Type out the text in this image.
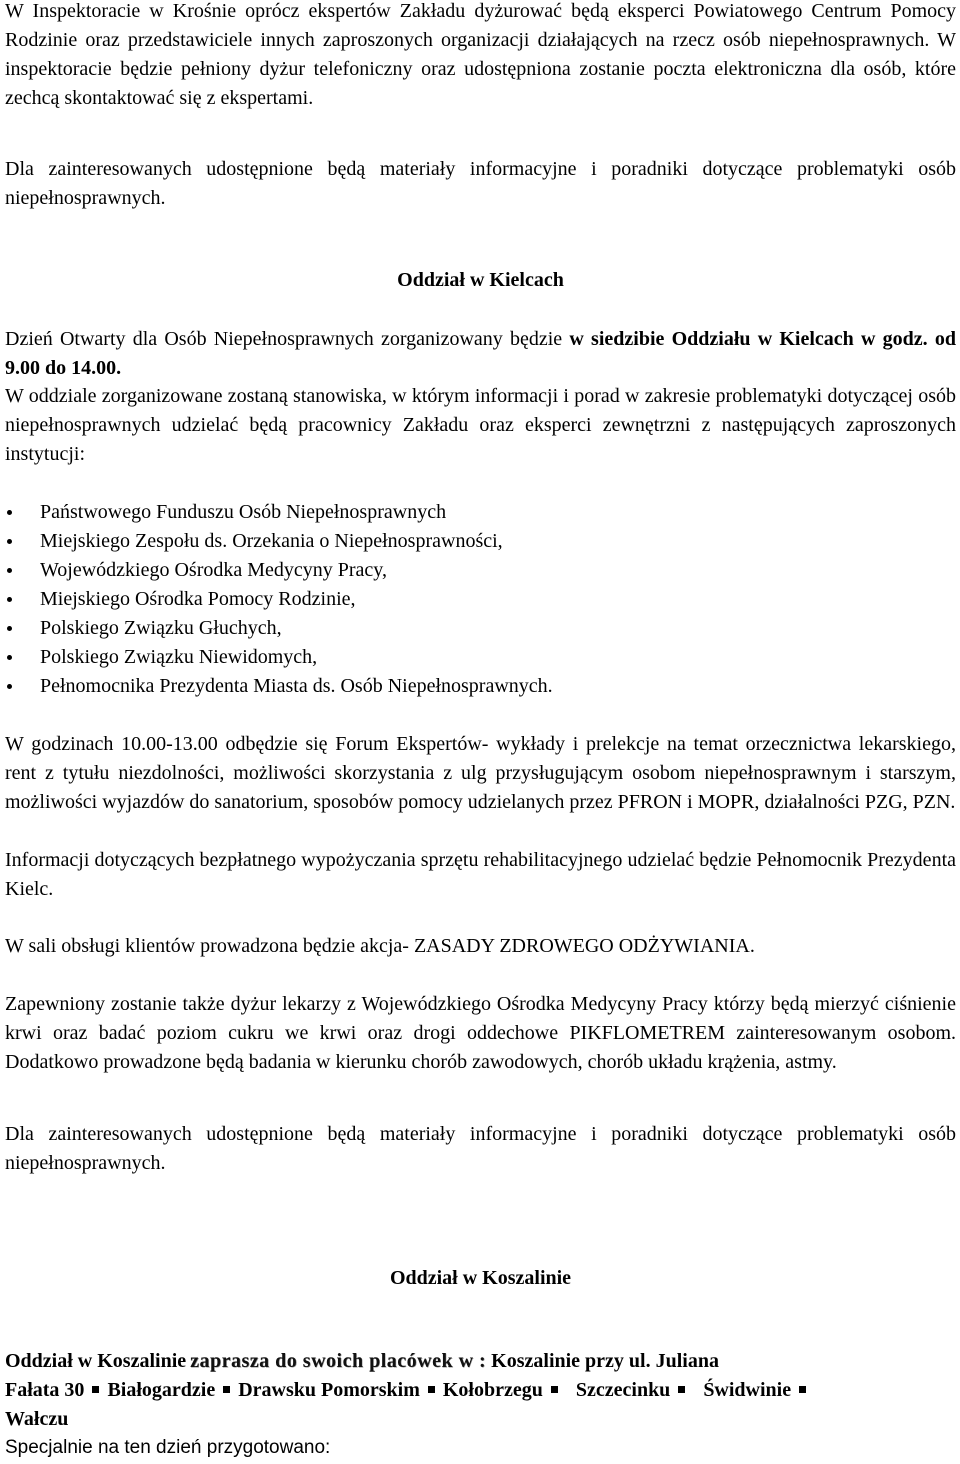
W Inspektoracie w Krośnie oprócz ekspertów Zakładu dyżurować będą eksperci Powiatowego Centrum Pomocy Rodzinie oraz przedstawiciele innych zaproszonych organizacji działających na rzecz osób niepełnosprawnych. W inspektoracie będzie pełniony dyżur telefoniczny oraz udostępniona zostanie poczta elektroniczna dla osób, które zechcą skontaktować się z ekspertami.
Dla zainteresowanych udostępnione będą materiały informacyjne i poradniki dotyczące problematyki osób niepełnosprawnych.
Oddział w Kielcach
Dzień Otwarty dla Osób Niepełnosprawnych zorganizowany będzie w siedzibie Oddziału w Kielcach w godz. od 9.00 do 14.00.
W oddziale zorganizowane zostaną stanowiska, w którym informacji i porad w zakresie problematyki dotyczącej osób niepełnosprawnych udzielać będą pracownicy Zakładu oraz eksperci zewnętrzni z następujących zaproszonych instytucji:
Państwowego Funduszu Osób Niepełnosprawnych
Miejskiego Zespołu ds. Orzekania o Niepełnosprawności,
Wojewódzkiego Ośrodka Medycyny Pracy,
Miejskiego Ośrodka Pomocy Rodzinie,
Polskiego Związku Głuchych,
Polskiego Związku Niewidomych,
Pełnomocnika Prezydenta Miasta ds. Osób Niepełnosprawnych.
W godzinach 10.00-13.00 odbędzie się Forum Ekspertów- wykłady i prelekcje na temat orzecznictwa lekarskiego, rent z tytułu niezdolności, możliwości skorzystania z ulg przysługującym osobom niepełnosprawnym i starszym, możliwości wyjazdów do sanatorium, sposobów pomocy udzielanych przez PFRON i MOPR, działalności PZG, PZN.
Informacji dotyczących bezpłatnego wypożyczania sprzętu rehabilitacyjnego udzielać będzie Pełnomocnik Prezydenta Kielc.
W sali obsługi klientów prowadzona będzie akcja- ZASADY ZDROWEGO ODŻYWIANIA.
Zapewniony zostanie także dyżur lekarzy z Wojewódzkiego Ośrodka Medycyny Pracy którzy będą mierzyć ciśnienie krwi oraz badać poziom cukru we krwi oraz drogi oddechowe PIKFLOMETREM zainteresowanym osobom. Dodatkowo prowadzone będą badania w kierunku chorób zawodowych, chorób układu krążenia, astmy.
Dla zainteresowanych udostępnione będą materiały informacyjne i poradniki dotyczące problematyki osób niepełnosprawnych.
Oddział w Koszalinie
Oddział w Koszalinie zaprasza do swoich placówek w : Koszalinie przy ul. Juliana
Fałata 30 Białogardzie Drawsku Pomorskim Kołobrzegu Szczecinku Świdwinie
Wałczu
Specjalnie na ten dzień przygotowano:
